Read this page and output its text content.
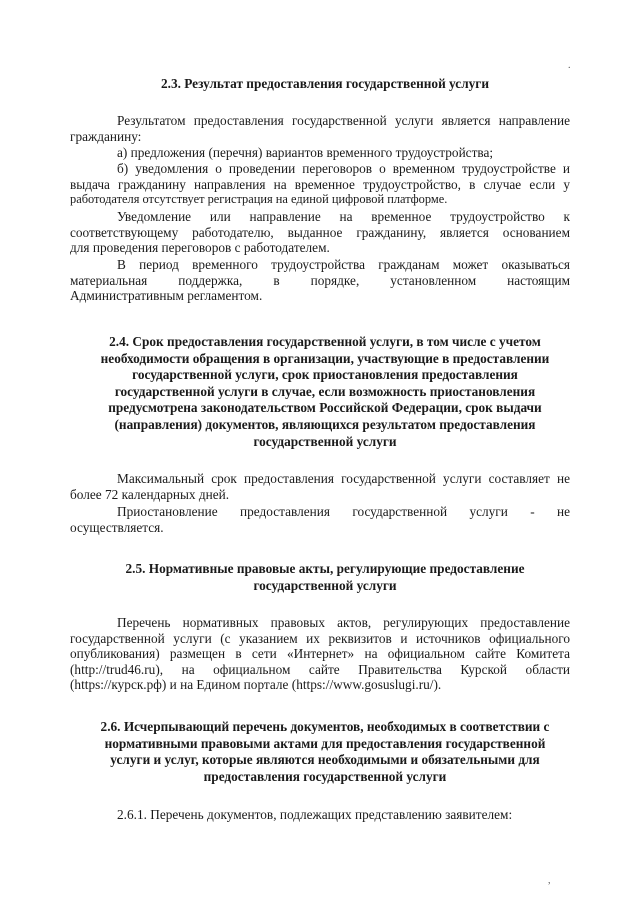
2.3. Результат предоставления государственной услуги
Результатом предоставления государственной услуги является направление
гражданину:
а) предложения (перечня) вариантов временного трудоустройства;
б) уведомления о проведении переговоров о временном трудоустройстве и
выдача гражданину направления на временное трудоустройство, в случае если у
работодателя отсутствует регистрация на единой цифровой платформе.
Уведомление или направление на временное трудоустройство к
соответствующему работодателю, выданное гражданину, является основанием
для проведения переговоров с работодателем.
В период временного трудоустройства гражданам может оказываться
материальная поддержка, в порядке, установленном настоящим
Административным регламентом.
2.4. Срок предоставления государственной услуги, в том числе с учетом
необходимости обращения в организации, участвующие в предоставлении
государственной услуги, срок приостановления предоставления
государственной услуги в случае, если возможность приостановления
предусмотрена законодательством Российской Федерации, срок выдачи
(направления) документов, являющихся результатом предоставления
государственной услуги
Максимальный срок предоставления государственной услуги составляет не
более 72 календарных дней.
Приостановление предоставления государственной услуги - не
осуществляется.
2.5. Нормативные правовые акты, регулирующие предоставление
государственной услуги
Перечень нормативных правовых актов, регулирующих предоставление
государственной услуги (с указанием их реквизитов и источников официального
опубликования) размещен в сети «Интернет» на официальном сайте Комитета
(http://trud46.ru), на официальном сайте Правительства Курской области
(https://курск.рф) и на Едином портале (https://www.gosuslugi.ru/).
2.6. Исчерпывающий перечень документов, необходимых в соответствии с
нормативными правовыми актами для предоставления государственной
услуги и услуг, которые являются необходимыми и обязательными для
предоставления государственной услуги
2.6.1. Перечень документов, подлежащих представлению заявителем:
.
,
